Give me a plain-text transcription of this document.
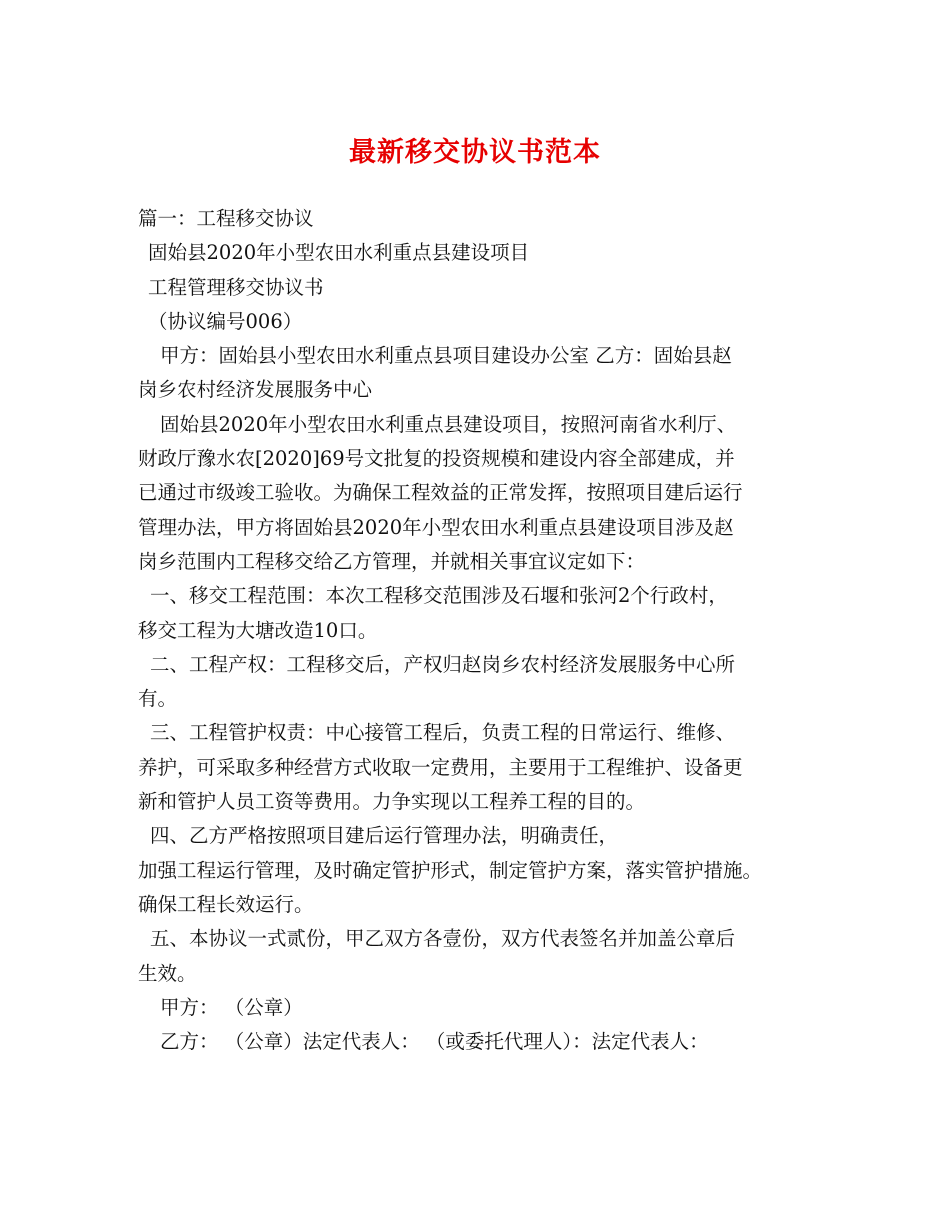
最新移交协议书范本
篇一：工程移交协议
固始县2020年小型农田水利重点县建设项目
工程管理移交协议书
（协议编号006）
甲方：固始县小型农田水利重点县项目建设办公室 乙方：固始县赵
岗乡农村经济发展服务中心
固始县2020年小型农田水利重点县建设项目，按照河南省水利厅、
财政厅豫水农[2020]69号文批复的投资规模和建设内容全部建成，并
已通过市级竣工验收。为确保工程效益的正常发挥，按照项目建后运行
管理办法，甲方将固始县2020年小型农田水利重点县建设项目涉及赵
岗乡范围内工程移交给乙方管理，并就相关事宜议定如下：
一、移交工程范围：本次工程移交范围涉及石堰和张河2个行政村，
移交工程为大塘改造10口。
二、工程产权：工程移交后，产权归赵岗乡农村经济发展服务中心所
有。
三、工程管护权责：中心接管工程后，负责工程的日常运行、维修、
养护，可采取多种经营方式收取一定费用，主要用于工程维护、设备更
新和管护人员工资等费用。力争实现以工程养工程的目的。
四、乙方严格按照项目建后运行管理办法，明确责任，
加强工程运行管理，及时确定管护形式，制定管护方案，落实管护措施。
确保工程长效运行。
五、本协议一式贰份，甲乙双方各壹份，双方代表签名并加盖公章后
生效。
甲方： （公章）
乙方： （公章）法定代表人： （或委托代理人）：法定代表人：
